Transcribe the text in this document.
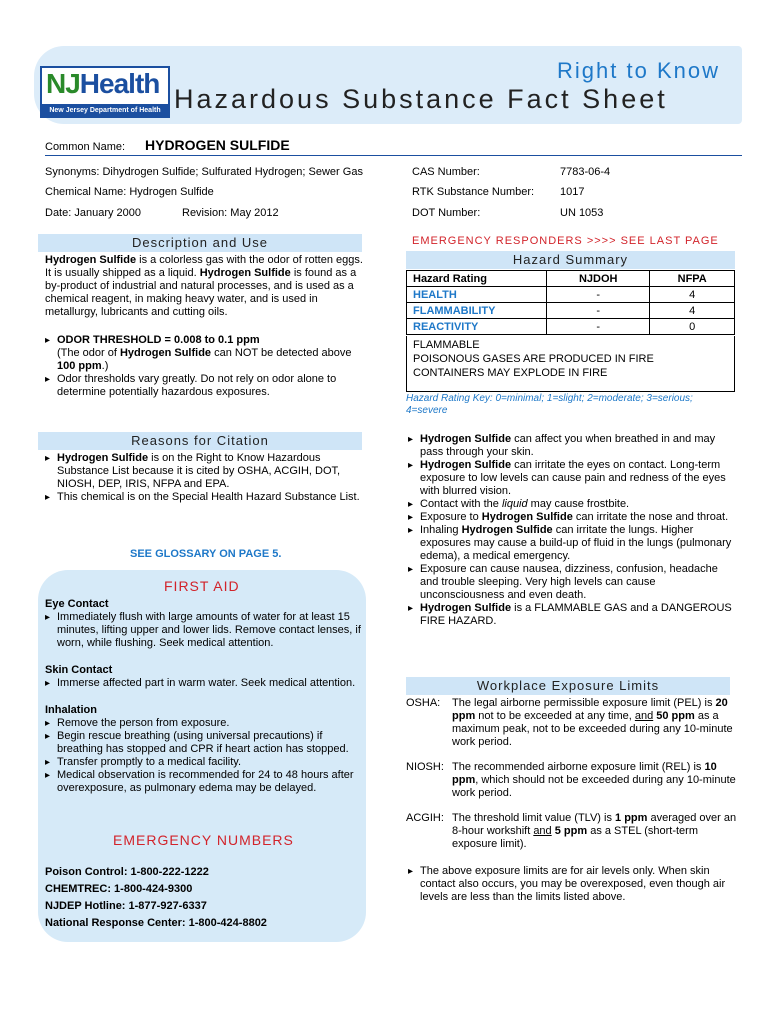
NJHealth
New Jersey Department of Health
Right to Know
Hazardous Substance Fact Sheet
Common Name: HYDROGEN SULFIDE
Synonyms: Dihydrogen Sulfide; Sulfurated Hydrogen; Sewer Gas
Chemical Name: Hydrogen Sulfide
Date: January 2000	Revision: May 2012
CAS Number:	7783-06-4
RTK Substance Number: 1017
DOT Number:	UN 1053
Description and Use
Hydrogen Sulfide is a colorless gas with the odor of rotten eggs. It is usually shipped as a liquid. Hydrogen Sulfide is found as a by-product of industrial and natural processes, and is used as a chemical reagent, in making heavy water, and is used in metallurgy, lubricants and cutting oils.
▸ ODOR THRESHOLD = 0.008 to 0.1 ppm
(The odor of Hydrogen Sulfide can NOT be detected above 100 ppm.)
▸ Odor thresholds vary greatly. Do not rely on odor alone to determine potentially hazardous exposures.
Reasons for Citation
▸ Hydrogen Sulfide is on the Right to Know Hazardous Substance List because it is cited by OSHA, ACGIH, DOT, NIOSH, DEP, IRIS, NFPA and EPA.
▸ This chemical is on the Special Health Hazard Substance List.
SEE GLOSSARY ON PAGE 5.
FIRST AID
Eye Contact
▸ Immediately flush with large amounts of water for at least 15 minutes, lifting upper and lower lids. Remove contact lenses, if worn, while flushing. Seek medical attention.
Skin Contact
▸ Immerse affected part in warm water. Seek medical attention.
Inhalation
▸ Remove the person from exposure.
▸ Begin rescue breathing (using universal precautions) if breathing has stopped and CPR if heart action has stopped.
▸ Transfer promptly to a medical facility.
▸ Medical observation is recommended for 24 to 48 hours after overexposure, as pulmonary edema may be delayed.
EMERGENCY NUMBERS
Poison Control: 1-800-222-1222
CHEMTREC: 1-800-424-9300
NJDEP Hotline: 1-877-927-6337
National Response Center: 1-800-424-8802
EMERGENCY RESPONDERS >>>> SEE LAST PAGE
Hazard Summary
Hazard Rating	NJDOH	NFPA
HEALTH	-	4
FLAMMABILITY	-	4
REACTIVITY	-	0
FLAMMABLE
POISONOUS GASES ARE PRODUCED IN FIRE
CONTAINERS MAY EXPLODE IN FIRE
Hazard Rating Key: 0=minimal; 1=slight; 2=moderate; 3=serious; 4=severe
▸ Hydrogen Sulfide can affect you when breathed in and may pass through your skin.
▸ Hydrogen Sulfide can irritate the eyes on contact. Long-term exposure to low levels can cause pain and redness of the eyes with blurred vision.
▸ Contact with the liquid may cause frostbite.
▸ Exposure to Hydrogen Sulfide can irritate the nose and throat.
▸ Inhaling Hydrogen Sulfide can irritate the lungs. Higher exposures may cause a build-up of fluid in the lungs (pulmonary edema), a medical emergency.
▸ Exposure can cause nausea, dizziness, confusion, headache and trouble sleeping. Very high levels can cause unconsciousness and even death.
▸ Hydrogen Sulfide is a FLAMMABLE GAS and a DANGEROUS FIRE HAZARD.
Workplace Exposure Limits
OSHA: The legal airborne permissible exposure limit (PEL) is 20 ppm not to be exceeded at any time, and 50 ppm as a maximum peak, not to be exceeded during any 10-minute work period.
NIOSH: The recommended airborne exposure limit (REL) is 10 ppm, which should not be exceeded during any 10-minute work period.
ACGIH: The threshold limit value (TLV) is 1 ppm averaged over an 8-hour workshift and 5 ppm as a STEL (short-term exposure limit).
▸ The above exposure limits are for air levels only. When skin contact also occurs, you may be overexposed, even though air levels are less than the limits listed above.
